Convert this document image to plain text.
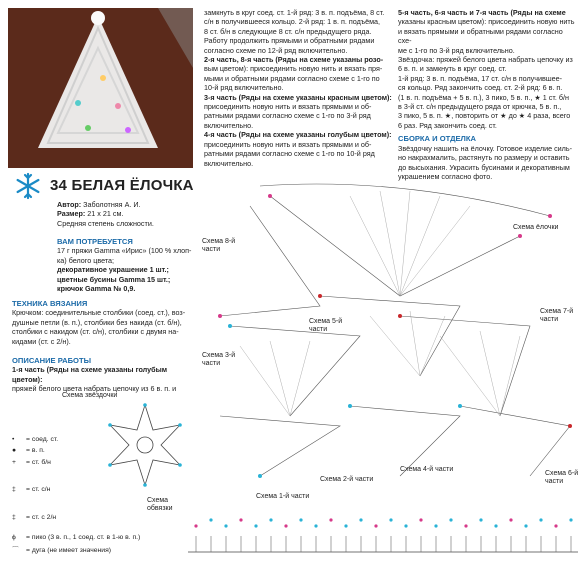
34 БЕЛАЯ ЁЛОЧКА
Автор: Заболотняя А. И.
Размер: 21 x 21 см.
Средняя степень сложности.
ВАМ ПОТРЕБУЕТСЯ
17 г пряжи Gamma «Ирис» (100 % хлоп-
ка) белого цвета;
декоративное украшение 1 шт.;
цветные бусины Gamma 15 шт.;
крючок Gamma № 0,9.
ТЕХНИКА ВЯЗАНИЯ
Крючком: соединительные столбики (соед. ст.), воз-
душные петли (в. п.), столбики без накида (ст. б/н),
столбики с накидом (ст. с/н), столбики с двумя на-
кидами (ст. с 2/н).
ОПИСАНИЕ РАБОТЫ
1-я часть (Ряды на схеме указаны голубым цветом):
пряжей белого цвета набрать цепочку из 6 в. п. и
Схема звёздочки
Схема обвязки
• = соед. ст.
● = в. п.
+ = ст. б/н
‡ = ст. с/н
‡ = ст. с 2/н
ϕ = пико (3 в. п., 1 соед. ст. в 1-ю в. п.)
⌒ = дуга (не имеет значения)
замкнуть в круг соед. ст. 1-й ряд: 3 в. п. подъёма, 8 ст.
с/н в получившееся кольцо. 2-й ряд: 1 в. п. подъёма,
8 ст. б/н в следующие 8 ст. с/н предыдущего ряда.
Работу продолжить прямыми и обратными рядами
согласно схеме по 12-й ряд включительно.
2-я часть, 8-я часть (Ряды на схеме указаны розо-
вым цветом): присоединить новую нить и вязать пря-
мыми и обратными рядами согласно схеме с 1-го по
10-й ряд включительно.
3-я часть (Ряды на схеме указаны красным цветом):
присоединить новую нить и вязать прямыми и об-
ратными рядами согласно схеме с 1-го по 3-й ряд
включительно.
4-я часть (Ряды на схеме указаны голубым цветом):
присоединить новую нить и вязать прямыми и об-
ратными рядами согласно схеме с 1-го по 10-й ряд
включительно.
5-я часть, 6-я часть и 7-я часть (Ряды на схеме
указаны красным цветом): присоединить новую нить
и вязать прямыми и обратными рядами согласно схе-
ме с 1-го по 3-й ряд включительно.
Звёздочка: пряжей белого цвета набрать цепочку из
6 в. п. и замкнуть в круг соед. ст.
1-й ряд: 3 в. п. подъёма, 17 ст. с/н в получившее-
ся кольцо. Ряд закончить соед. ст. 2-й ряд: 6 в. п.
(1 в. п. подъёма + 5 в. п.), 3 пико, 5 в. п., ★ 1 ст. б/н
в 3-й ст. с/н предыдущего ряда от крючка, 5 в. п.,
3 пико, 5 в. п. ★, повторить от ★ до ★ 4 раза, всего
6 раз. Ряд закончить соед. ст.
СБОРКА И ОТДЕЛКА
Звёздочку нашить на ёлочку. Готовое изделие силь-
но накрахмалить, растянуть по размеру и оставить
до высыхания. Украсить бусинами и декоративным
украшением согласно фото.
Схема ёлочки
Схема 8-й части
Схема 5-й части
Схема 7-й части
Схема 3-й части
Схема 2-й части
Схема 4-й части
Схема 6-й части
Схема 1-й части
